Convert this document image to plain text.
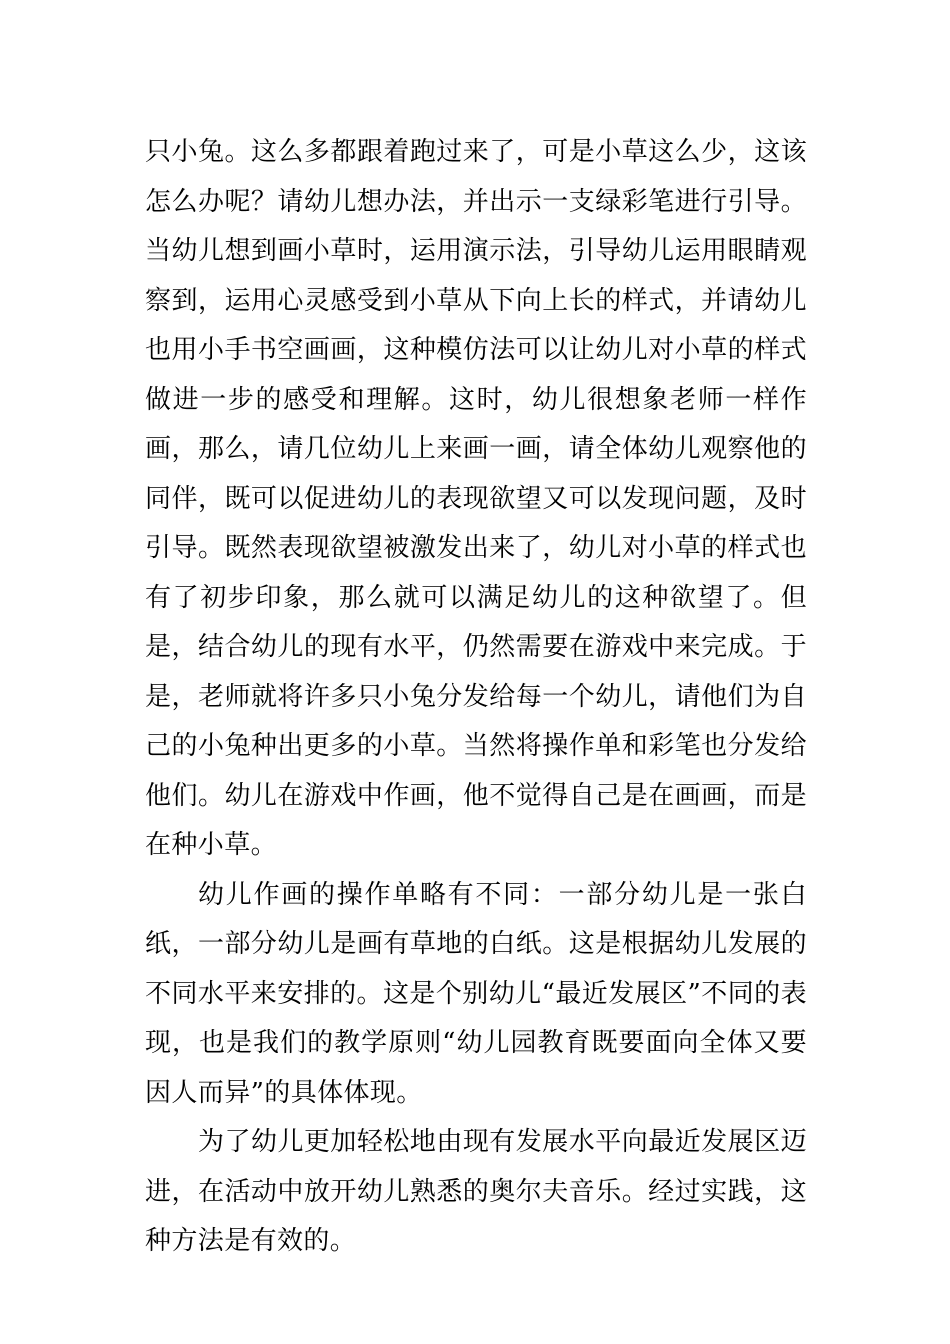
只小兔。这么多都跟着跑过来了，可是小草这么少，这该怎么办呢？请幼儿想办法，并出示一支绿彩笔进行引导。当幼儿想到画小草时，运用演示法，引导幼儿运用眼睛观察到，运用心灵感受到小草从下向上长的样式，并请幼儿也用小手书空画画，这种模仿法可以让幼儿对小草的样式做进一步的感受和理解。这时，幼儿很想象老师一样作画，那么，请几位幼儿上来画一画，请全体幼儿观察他的同伴，既可以促进幼儿的表现欲望又可以发现问题，及时引导。既然表现欲望被激发出来了，幼儿对小草的样式也有了初步印象，那么就可以满足幼儿的这种欲望了。但是，结合幼儿的现有水平，仍然需要在游戏中来完成。于是，老师就将许多只小兔分发给每一个幼儿，请他们为自己的小兔种出更多的小草。当然将操作单和彩笔也分发给他们。幼儿在游戏中作画，他不觉得自己是在画画，而是在种小草。

幼儿作画的操作单略有不同：一部分幼儿是一张白纸，一部分幼儿是画有草地的白纸。这是根据幼儿发展的不同水平来安排的。这是个别幼儿“最近发展区”不同的表现，也是我们的教学原则“幼儿园教育既要面向全体又要因人而异”的具体体现。

为了幼儿更加轻松地由现有发展水平向最近发展区迈进，在活动中放开幼儿熟悉的奥尔夫音乐。经过实践，这种方法是有效的。
